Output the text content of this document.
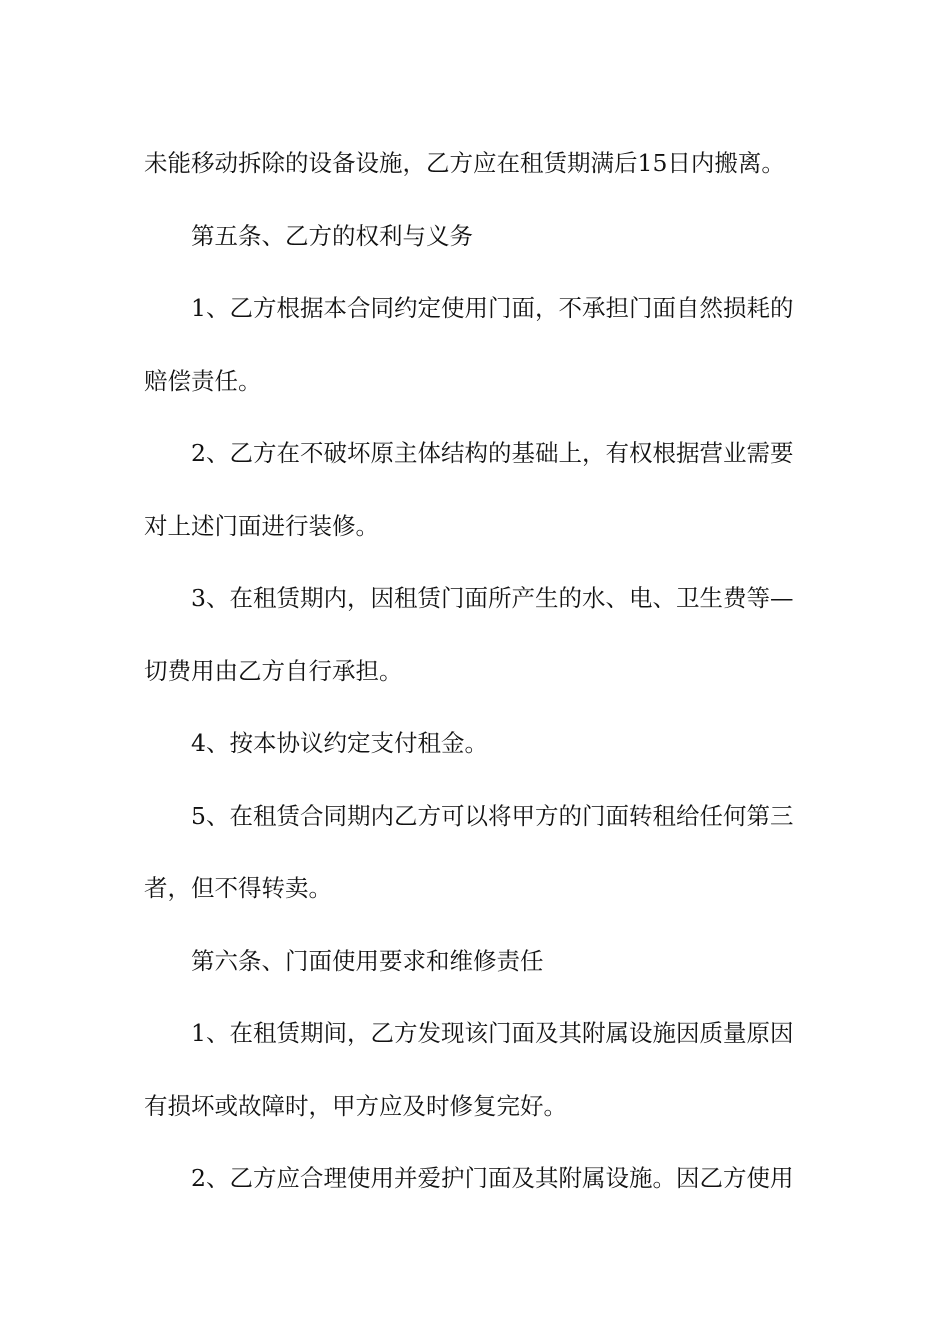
未能移动拆除的设备设施，乙方应在租赁期满后15日内搬离。

第五条、乙方的权利与义务

1、乙方根据本合同约定使用门面，不承担门面自然损耗的

赔偿责任。

2、乙方在不破坏原主体结构的基础上，有权根据营业需要

对上述门面进行装修。

3、在租赁期内，因租赁门面所产生的水、电、卫生费等—

切费用由乙方自行承担。

4、按本协议约定支付租金。

5、在租赁合同期内乙方可以将甲方的门面转租给任何第三

者，但不得转卖。

第六条、门面使用要求和维修责任

1、在租赁期间，乙方发现该门面及其附属设施因质量原因

有损坏或故障时，甲方应及时修复完好。

2、乙方应合理使用并爱护门面及其附属设施。因乙方使用
